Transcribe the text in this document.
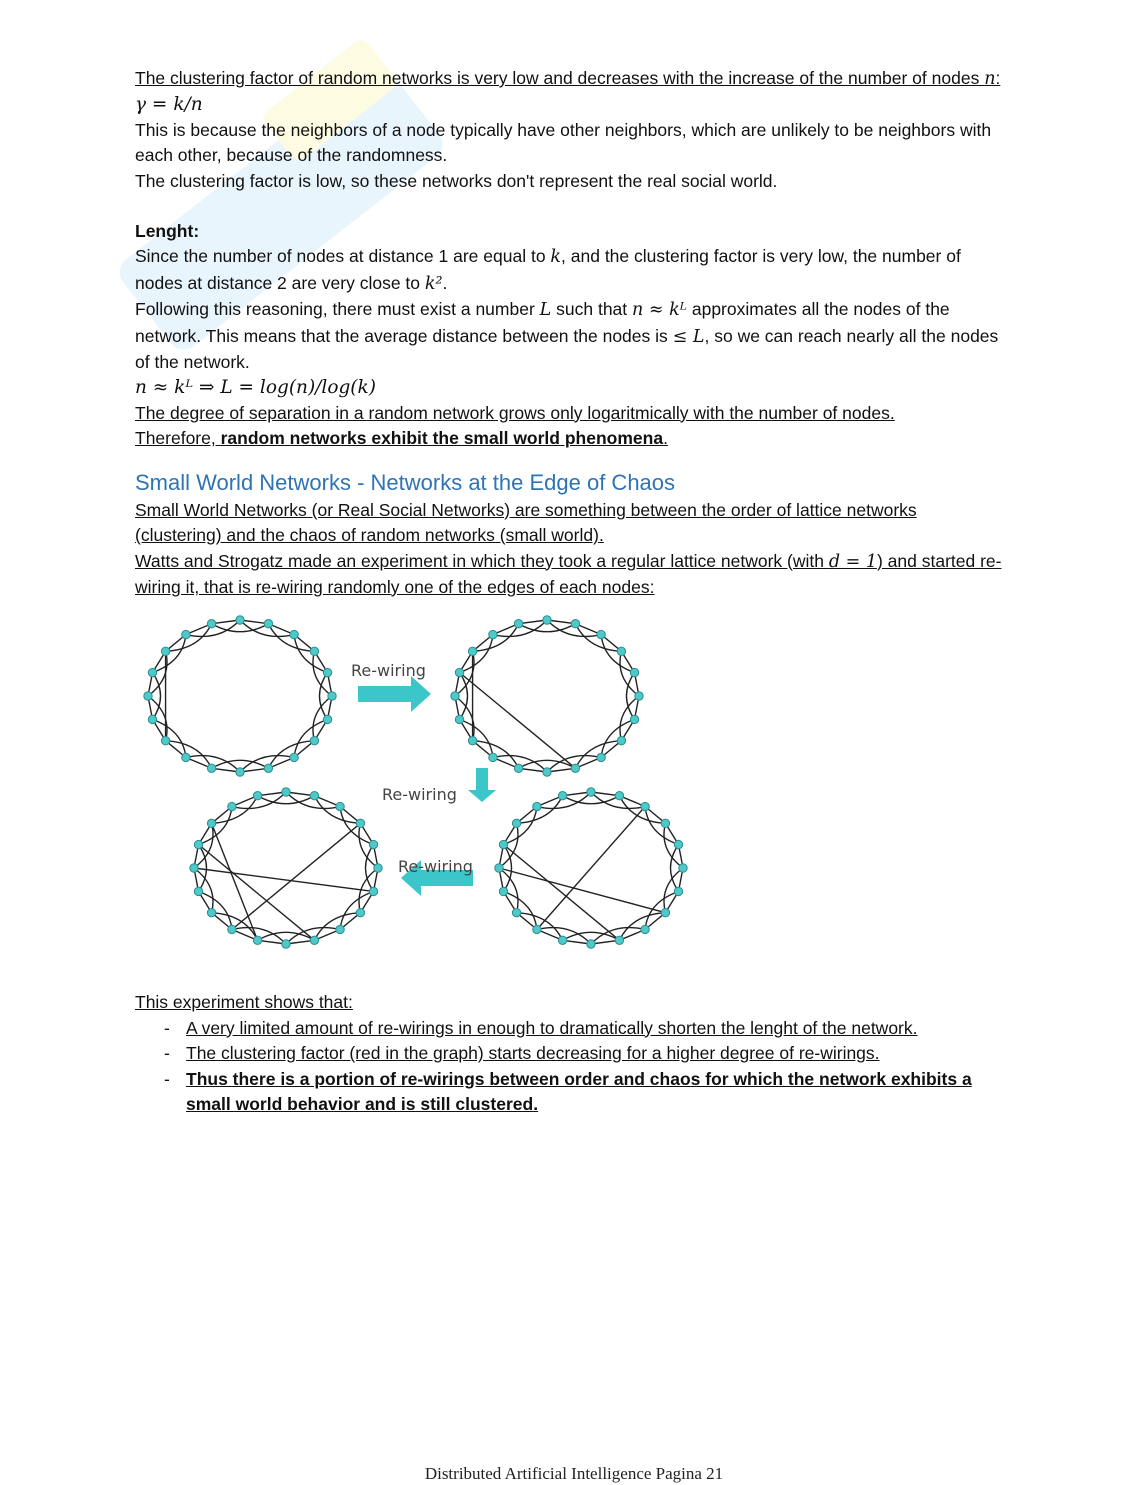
The clustering factor of random networks is very low and decreases with the increase of the number of nodes n:

γ = k/n

This is because the neighbors of a node typically have other neighbors, which are unlikely to be neighbors with each other, because of the randomness.

The clustering factor is low, so these networks don't represent the real social world.

Lenght:

Since the number of nodes at distance 1 are equal to k, and the clustering factor is very low, the number of nodes at distance 2 are very close to k².

Following this reasoning, there must exist a number L such that n ≈ kᴸ approximates all the nodes of the network. This means that the average distance between the nodes is ≤ L, so we can reach nearly all the nodes of the network.

n ≈ kᴸ ⇒ L = log(n)/log(k)

The degree of separation in a random network grows only logaritmically with the number of nodes.

Therefore, random networks exhibit the small world phenomena.

Small World Networks - Networks at the Edge of Chaos

Small World Networks (or Real Social Networks) are something between the order of lattice networks (clustering) and the chaos of random networks (small world).

Watts and Strogatz made an experiment in which they took a regular lattice network (with d = 1) and started re-wiring it, that is re-wiring randomly one of the edges of each nodes:

Re-wiring
Re-wiring
Re-wiring

This experiment shows that:

- A very limited amount of re-wirings in enough to dramatically shorten the lenght of the network.
- The clustering factor (red in the graph) starts decreasing for a higher degree of re-wirings.
- Thus there is a portion of re-wirings between order and chaos for which the network exhibits a small world behavior and is still clustered.
Distributed Artificial Intelligence Pagina 21
